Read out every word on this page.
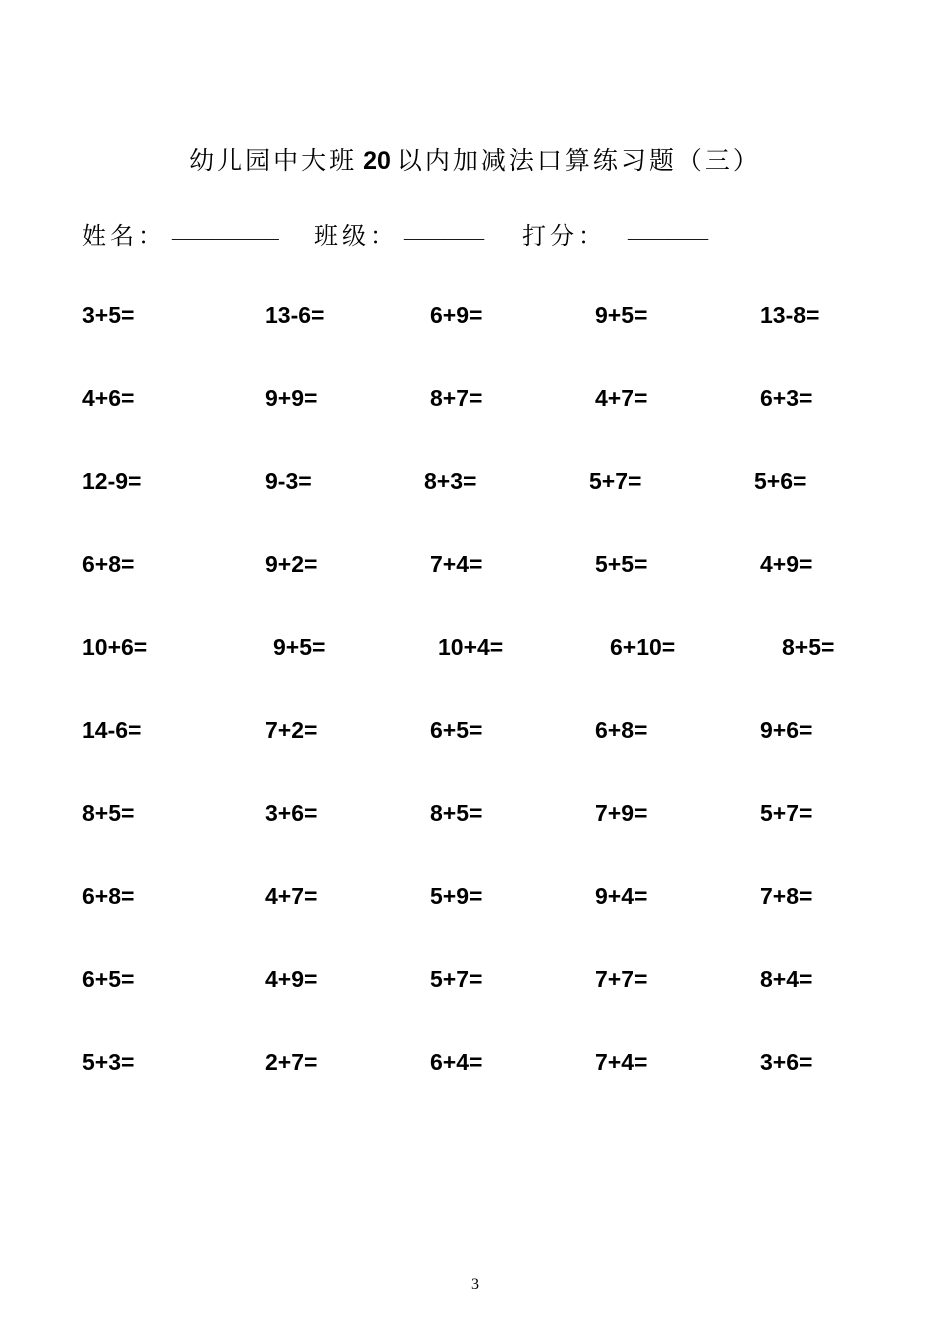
幼儿园中大班 20 以内加减法口算练习题（三）
姓名： ________ 班级： ______ 打分： ______
3+5=	13-6=	6+9=	9+5=	13-8=
4+6=	9+9=	8+7=	4+7=	6+3=
12-9=	9-3=	8+3=	5+7=	5+6=
6+8=	9+2=	7+4=	5+5=	4+9=
10+6=	9+5=	10+4=	6+10=	8+5=
14-6=	7+2=	6+5=	6+8=	9+6=
8+5=	3+6=	8+5=	7+9=	5+7=
6+8=	4+7=	5+9=	9+4=	7+8=
6+5=	4+9=	5+7=	7+7=	8+4=
5+3=	2+7=	6+4=	7+4=	3+6=
3
